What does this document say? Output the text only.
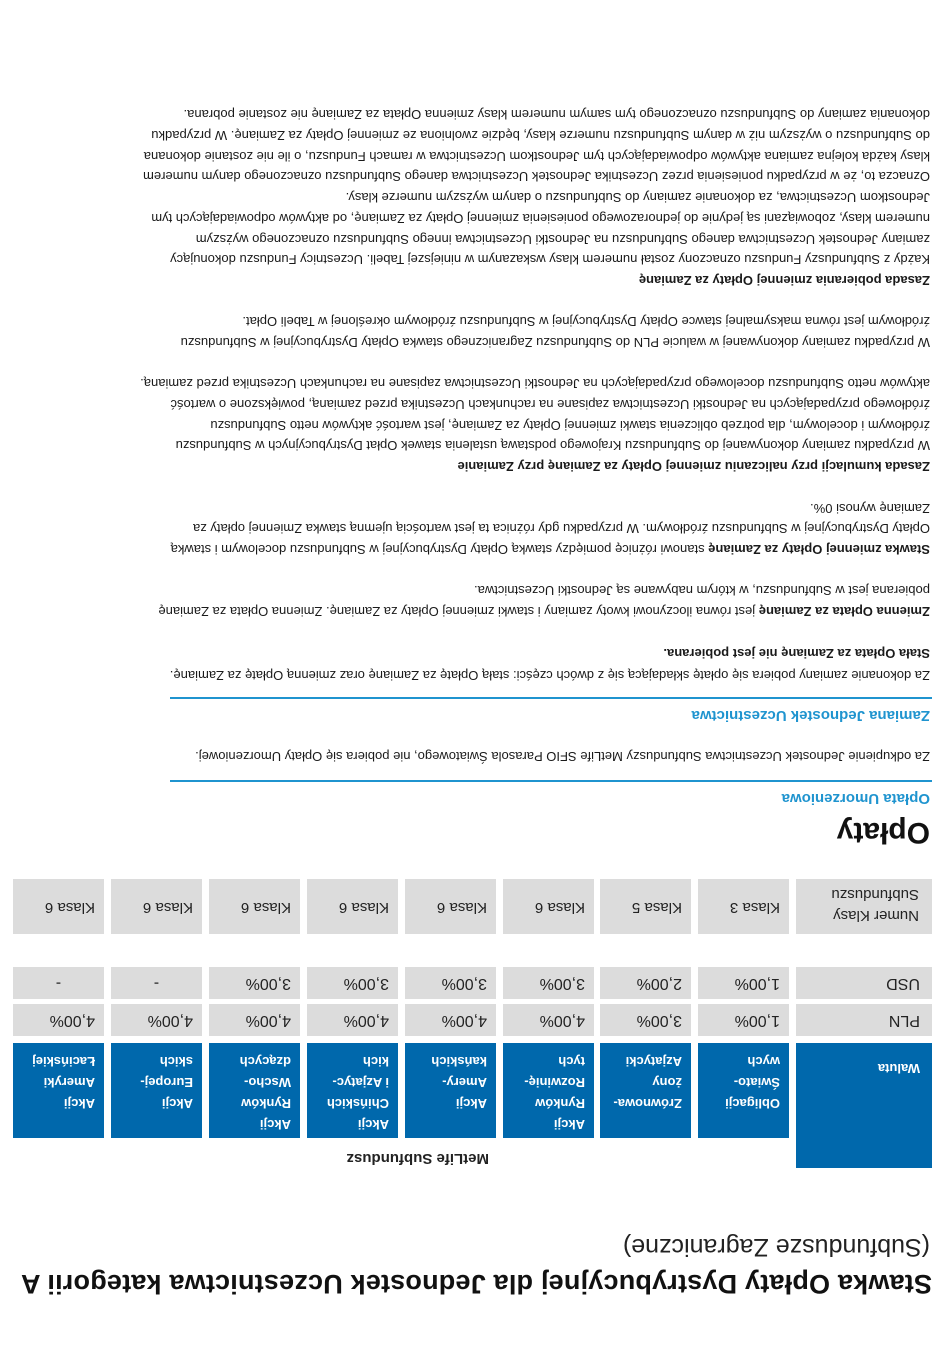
Stawka Opłaty Dystrybucyjnej dla Jednostek Uczestnictwa kategorii A
(Subfundusze Zagraniczne)
MetLife Subfundusz
Waluta
Obligacji
Świato-
wych
Zrównowa-
żony
Azjatycki
Akcji
Rynków
Rozwinię-
tych
Akcji
Amery-
kańskich
Akcji
Chińskich
i Azjatyc-
kich
Akcji
Rynków
Wscho-
dzących
Akcji
Europej-
skich
Akcji
Ameryki
Łacińskiej
PLN
1,00%
3,00%
4,00%
4,00%
4,00%
4,00%
4,00%
4,00%
USD
1,00%
2,00%
3,00%
3,00%
3,00%
3,00%
-
-
Numer Klasy
Subfunduszu
Klasa 3
Klasa 5
Klasa 6
Klasa 6
Klasa 6
Klasa 6
Klasa 6
Klasa 6
Opłaty
Opłata Umorzeniowa

Za odkupienie Jednostek Uczestnictwa Subfunduszy MetLife SFIO Parasola Światowego, nie pobiera się Opłaty Umorzeniowej.

Zamiana Jednostek Uczestnictwa

Za dokonanie zamiany pobiera się opłatę składającą się z dwóch części: stałą Opłatę za Zamianę oraz zmienną Opłatę za Zamianę.

Stała Opłata za Zamianę nie jest pobierana.

Zmienna Opłata za Zamianę jest równa iloczynowi kwoty zamiany i stawki zmiennej Opłaty za Zamianę. Zmienna Opłata za Zamianę
pobierana jest w Subfunduszu, w którym nabywane są Jednostki Uczestnictwa.

Stawka zmiennej Opłaty za Zamianę stanowi różnicę pomiędzy stawką Opłaty Dystrybucyjnej w Subfunduszu docelowym i stawką
Opłaty Dystrybucyjnej w Subfunduszu źródłowym. W przypadku gdy różnica ta jest wartością ujemną stawka Zmiennej opłaty za
Zamianę wynosi 0%.

Zasada kumulacji przy naliczaniu zmiennej Opłaty za Zamianę przy Zamianie
W przypadku zamiany dokonywanej do Subfunduszu Krajowego podstawą ustalenia stawek Opłat Dystrybucyjnych w Subfunduszu
źródłowym i docelowym, dla potrzeb obliczenia stawki zmiennej Opłaty za Zamianę, jest wartość aktywów netto Subfunduszu
źródłowego przypadających na Jednostki Uczestnictwa zapisane na rachunkach Uczestnika przed zamianą, powiększone o wartość
aktywów netto Subfunduszu docelowego przypadających na Jednostki Uczestnictwa zapisane na rachunkach Uczestnika przed zamianą.

W przypadku zamiany dokonywanej w walucie PLN do Subfunduszu Zagranicznego stawka Opłaty Dystrybucyjnej w Subfunduszu
źródłowym jest równa maksymalnej stawce Opłaty Dystrybucyjnej w Subfunduszu źródłowym określonej w Tabeli Opłat.

Zasada pobierania zmiennej Opłaty za Zamianę
Każdy z Subfunduszy Funduszu oznaczony został numerem klasy wskazanym w niniejszej Tabeli. Uczestnicy Funduszu dokonujący
zamiany Jednostek Uczestnictwa danego Subfunduszu na Jednostki Uczestnictwa innego Subfunduszu oznaczonego wyższym
numerem klasy, zobowiązani są jedynie do jednorazowego poniesienia zmiennej Opłaty za Zamianę, od aktywów odpowiadających tym
Jednostkom Uczestnictwa, za dokonanie zamiany do Subfunduszu o danym wyższym numerze klasy.
Oznacza to, że w przypadku poniesienia przez Uczestnika Jednostek Uczestnictwa danego Subfunduszu oznaczonego danym numerem
klasy każda kolejna zamiana aktywów odpowiadających tym Jednostkom Uczestnictwa w ramach Funduszu, o ile nie zostanie dokonana
do Subfunduszu o wyższym niż w danym Subfunduszu numerze klasy, będzie zwolniona ze zmiennej Opłaty za Zamianę. W przypadku
dokonania zamiany do Subfunduszu oznaczonego tym samym numerem klasy zmienna Opłata za Zamianę nie zostanie pobrana.
